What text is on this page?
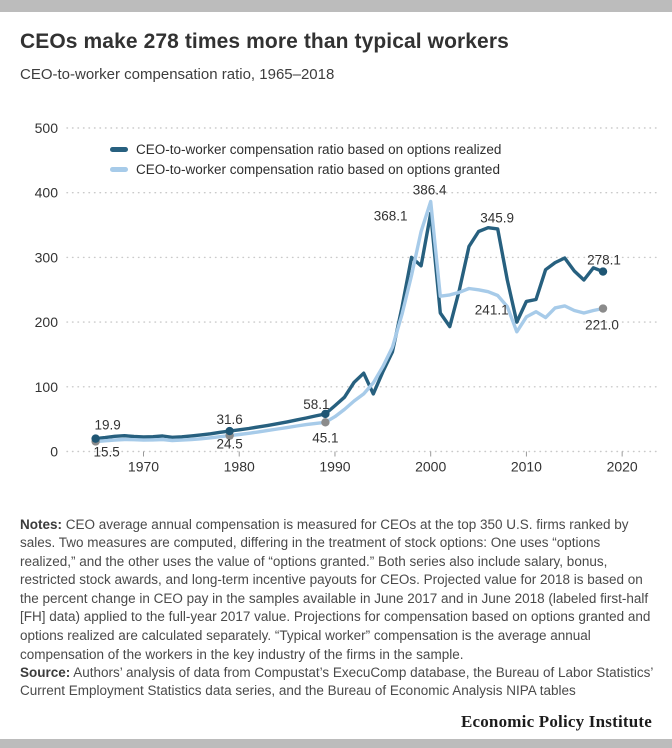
CEOs make 278 times more than typical workers
CEO-to-worker compensation ratio, 1965–2018
0
100
200
300
400
500
1970	1980	1990	2000	2010	2020
19.9
15.5
31.6
24.5
58.1
45.1
368.1
386.4
345.9
241.1
278.1
221.0
CEO-to-worker compensation ratio based on options realized
CEO-to-worker compensation ratio based on options granted

Notes: CEO average annual compensation is measured for CEOs at the top 350 U.S. firms ranked by sales. Two measures are computed, differing in the treatment of stock options: One uses “options realized,” and the other uses the value of “options granted.” Both series also include salary, bonus, restricted stock awards, and long-term incentive payouts for CEOs. Projected value for 2018 is based on the percent change in CEO pay in the samples available in June 2017 and in June 2018 (labeled first-half [FH] data) applied to the full-year 2017 value. Projections for compensation based on options granted and options realized are calculated separately. “Typical worker” compensation is the average annual compensation of the workers in the key industry of the firms in the sample.

Source: Authors’ analysis of data from Compustat’s ExecuComp database, the Bureau of Labor Statistics’ Current Employment Statistics data series, and the Bureau of Economic Analysis NIPA tables

Economic Policy Institute
